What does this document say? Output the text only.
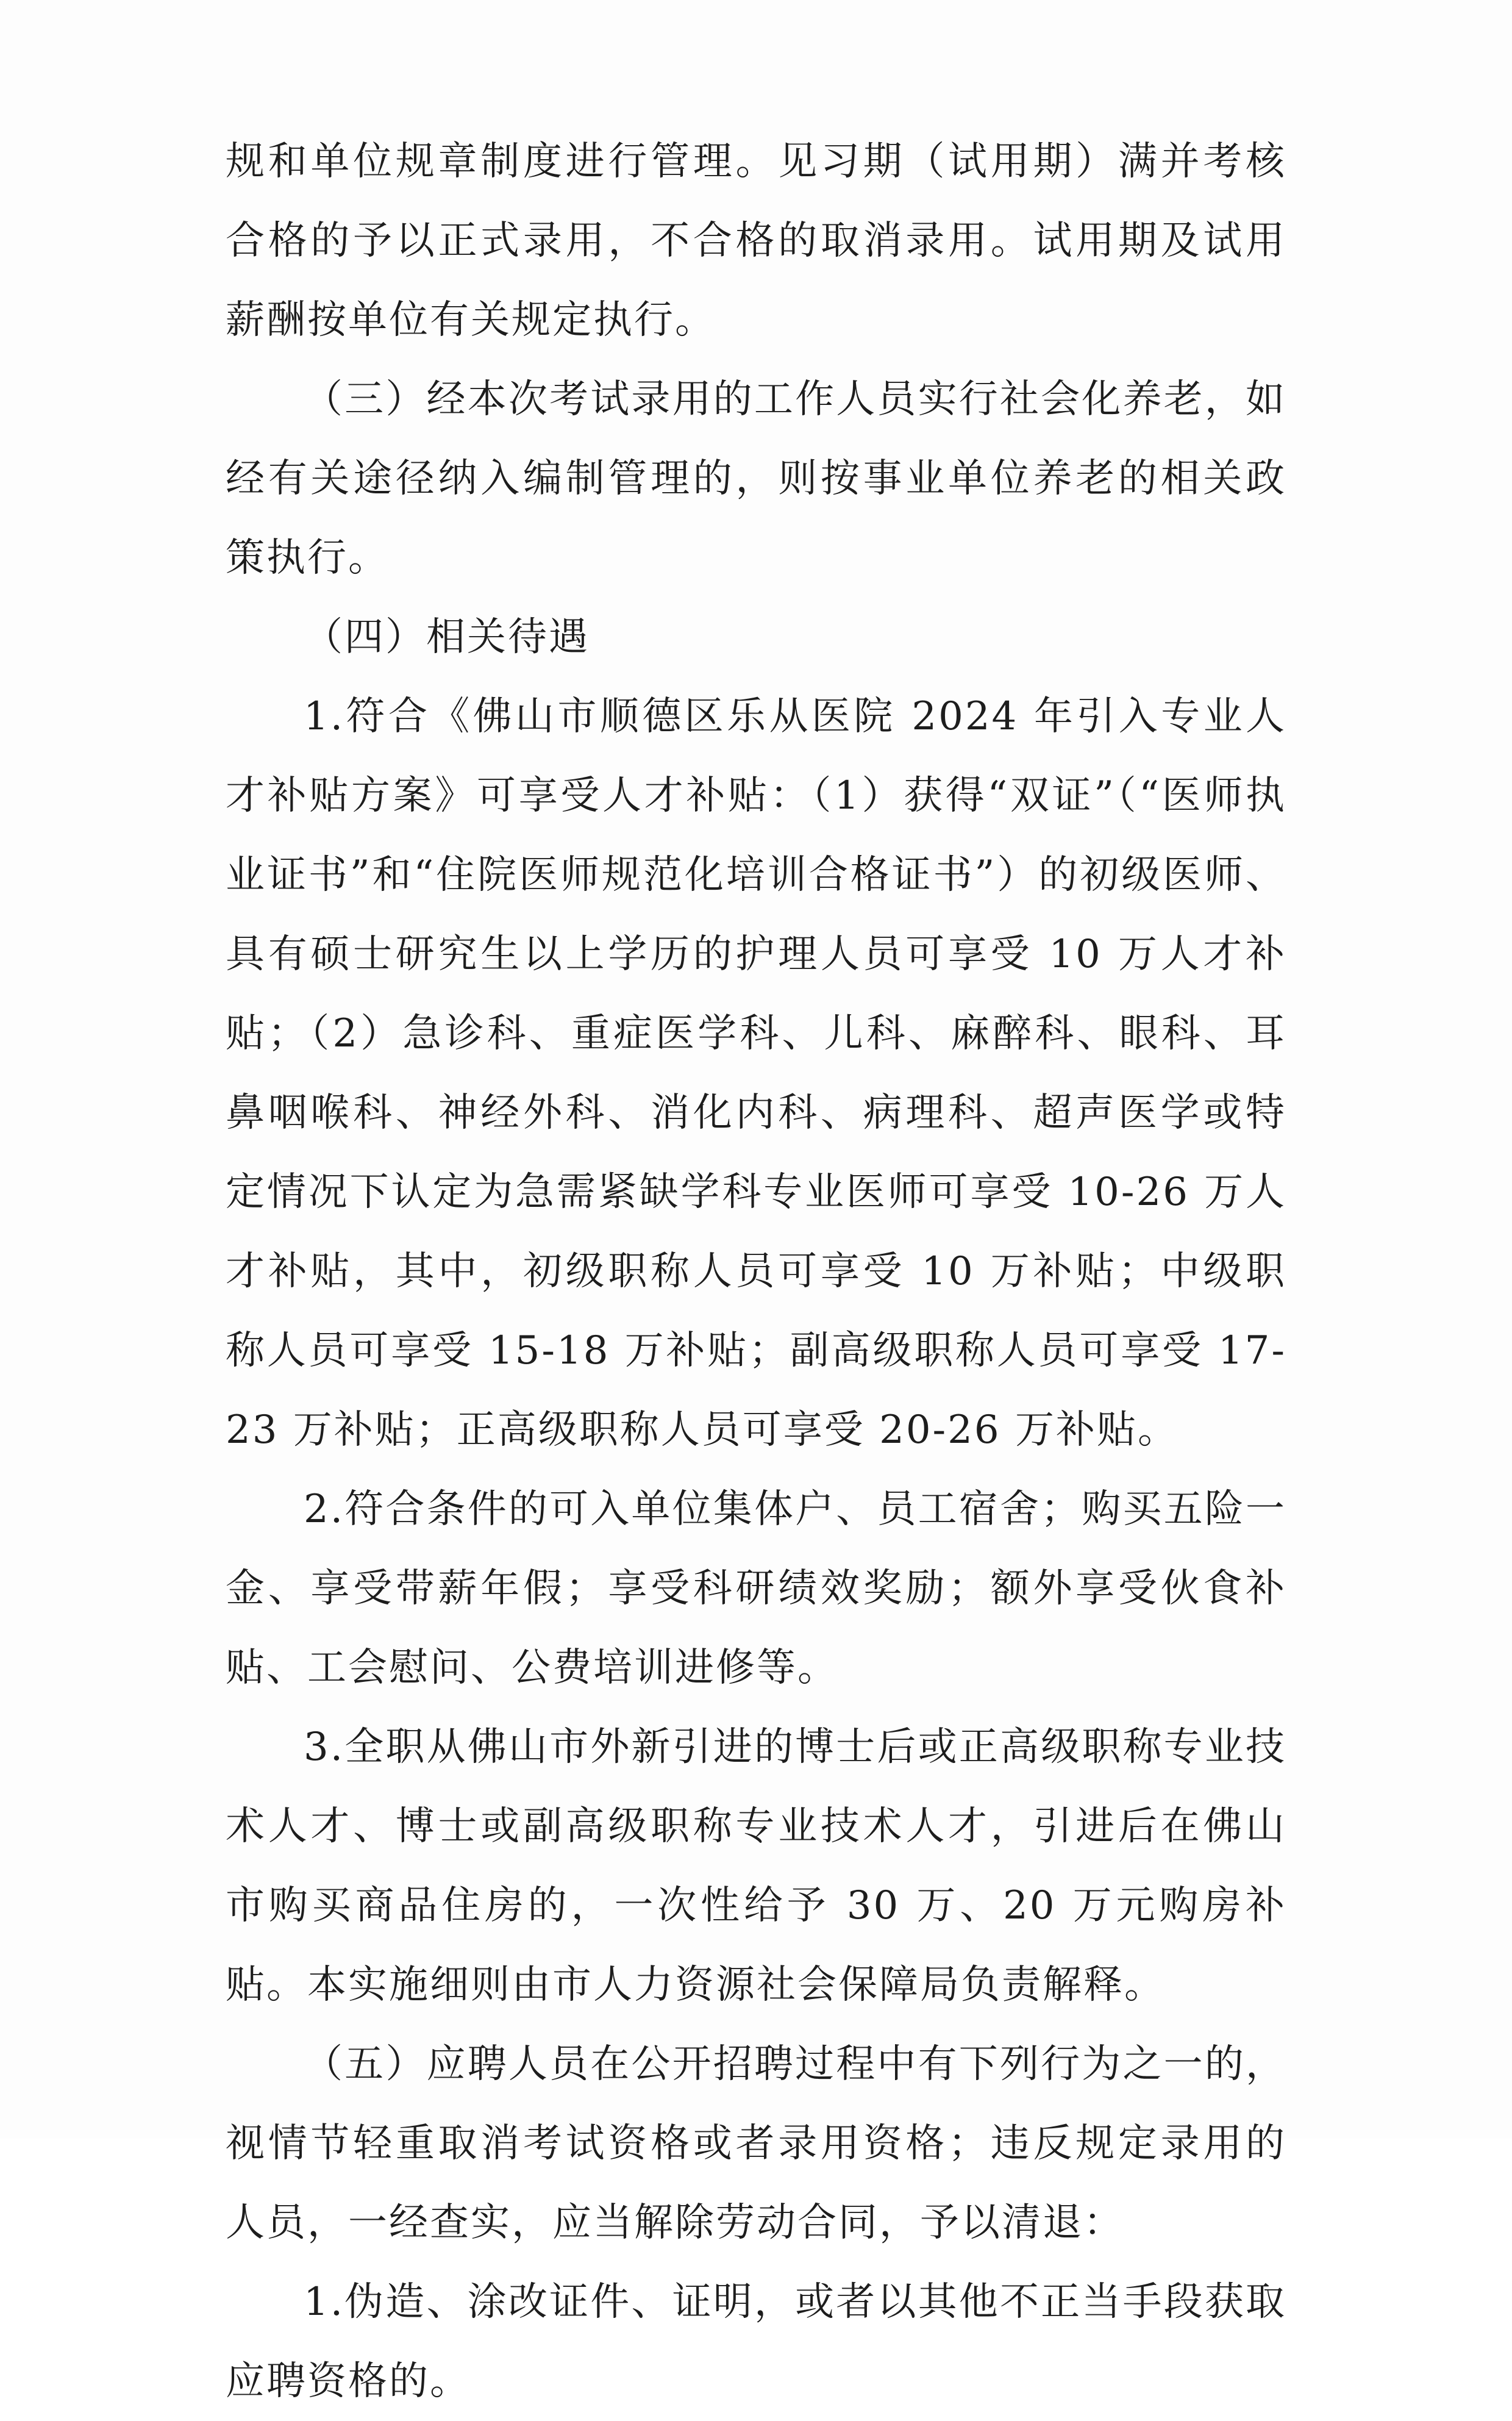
规和单位规章制度进行管理。见习期（试用期）满并考核合格的予以正式录用，不合格的取消录用。试用期及试用薪酬按单位有关规定执行。

（三）经本次考试录用的工作人员实行社会化养老，如经有关途径纳入编制管理的，则按事业单位养老的相关政策执行。

（四）相关待遇

1.符合《佛山市顺德区乐从医院 2024 年引入专业人才补贴方案》可享受人才补贴：（1）获得“双证”（“医师执业证书”和“住院医师规范化培训合格证书”）的初级医师、具有硕士研究生以上学历的护理人员可享受 10 万人才补贴；（2）急诊科、重症医学科、儿科、麻醉科、眼科、耳鼻咽喉科、神经外科、消化内科、病理科、超声医学或特定情况下认定为急需紧缺学科专业医师可享受 10-26 万人才补贴，其中，初级职称人员可享受 10 万补贴；中级职称人员可享受 15-18 万补贴；副高级职称人员可享受 17-23 万补贴；正高级职称人员可享受 20-26 万补贴。

2.符合条件的可入单位集体户、员工宿舍；购买五险一金、享受带薪年假；享受科研绩效奖励；额外享受伙食补贴、工会慰问、公费培训进修等。

3.全职从佛山市外新引进的博士后或正高级职称专业技术人才、博士或副高级职称专业技术人才，引进后在佛山市购买商品住房的，一次性给予 30 万、20 万元购房补贴。本实施细则由市人力资源社会保障局负责解释。

（五）应聘人员在公开招聘过程中有下列行为之一的，视情节轻重取消考试资格或者录用资格；违反规定录用的人员，一经查实，应当解除劳动合同，予以清退：

1.伪造、涂改证件、证明，或者以其他不正当手段获取应聘资格的。
